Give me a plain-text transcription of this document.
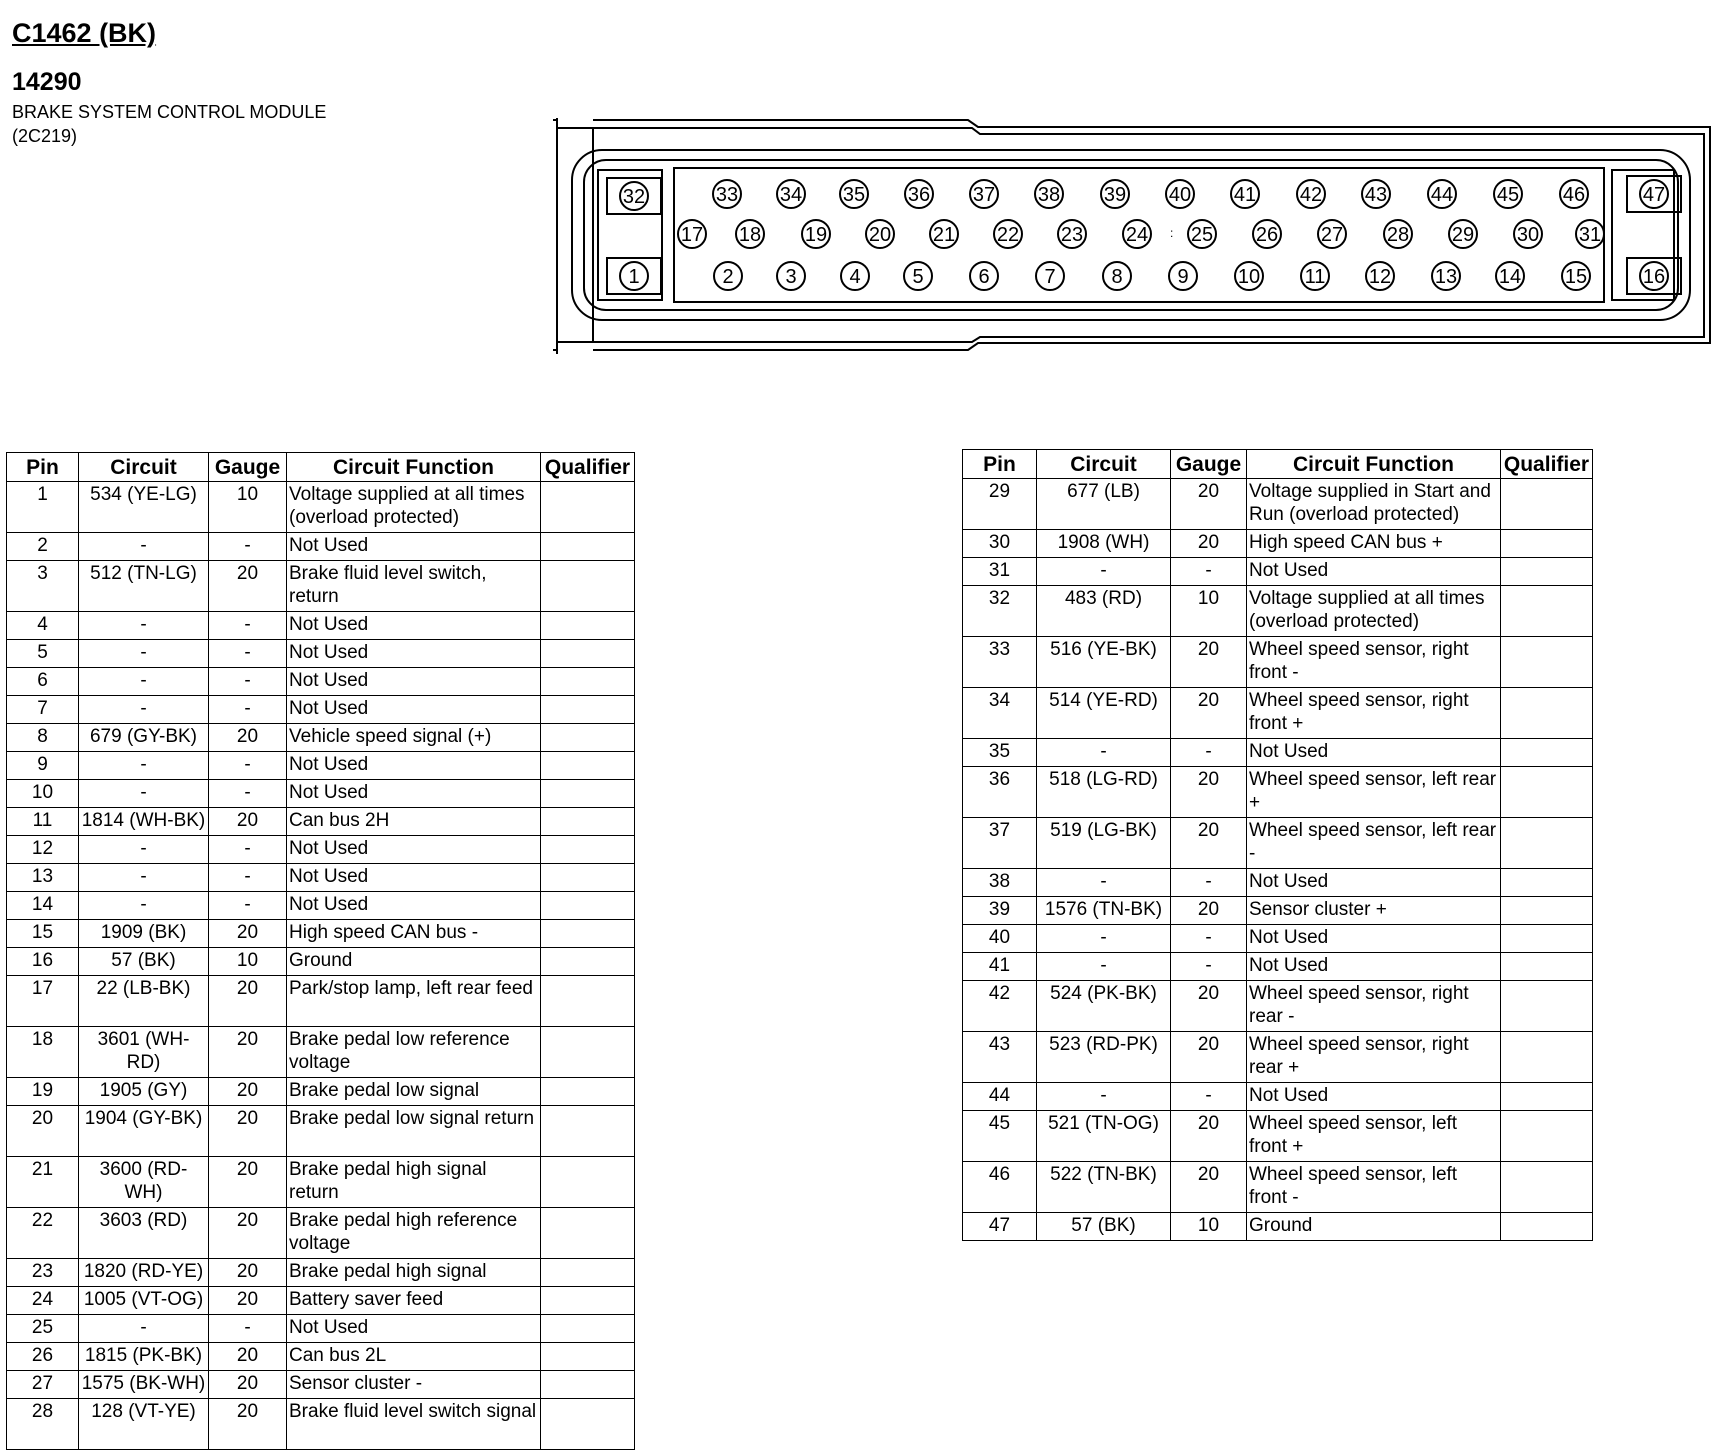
C1462 (BK)
14290
BRAKE SYSTEM CONTROL MODULE
(2C219)
2	3	4	5	6	7	8	9 10 11 12 13 14 15
17 18 19 20 21 22 23 24 25 26 27 28 29 30 31
33 34 35 36 37 38 39 40 41 42 43 44 45 46
1
32
16
47
:
Pin	Circuit	Gauge	Circuit Function	Qualifier
1	534 (YE-LG)	10	Voltage supplied at all times (overload protected)	
2	-	-	Not Used	
3	512 (TN-LG)	20	Brake fluid level switch, return	
4	-	-	Not Used	
5	-	-	Not Used	
6	-	-	Not Used	
7	-	-	Not Used	
8	679 (GY-BK)	20	Vehicle speed signal (+)	
9	-	-	Not Used	
10	-	-	Not Used	
11	1814 (WH-BK)	20	Can bus 2H	
12	-	-	Not Used	
13	-	-	Not Used	
14	-	-	Not Used	
15	1909 (BK)	20	High speed CAN bus -	
16	57 (BK)	10	Ground	
17	22 (LB-BK)	20	Park/stop lamp, left rear feed	
18	3601 (WH-RD)	20	Brake pedal low reference voltage	
19	1905 (GY)	20	Brake pedal low signal	
20	1904 (GY-BK)	20	Brake pedal low signal return	
21	3600 (RD-WH)	20	Brake pedal high signal return	
22	3603 (RD)	20	Brake pedal high reference voltage	
23	1820 (RD-YE)	20	Brake pedal high signal	
24	1005 (VT-OG)	20	Battery saver feed	
25	-	-	Not Used	
26	1815 (PK-BK)	20	Can bus 2L	
27	1575 (BK-WH)	20	Sensor cluster -	
28	128 (VT-YE)	20	Brake fluid level switch signal	
Pin	Circuit	Gauge	Circuit Function	Qualifier
29	677 (LB)	20	Voltage supplied in Start and Run (overload protected)	
30	1908 (WH)	20	High speed CAN bus +	
31	-	-	Not Used	
32	483 (RD)	10	Voltage supplied at all times (overload protected)	
33	516 (YE-BK)	20	Wheel speed sensor, right front -	
34	514 (YE-RD)	20	Wheel speed sensor, right front +	
35	-	-	Not Used	
36	518 (LG-RD)	20	Wheel speed sensor, left rear +	
37	519 (LG-BK)	20	Wheel speed sensor, left rear -	
38	-	-	Not Used	
39	1576 (TN-BK)	20	Sensor cluster +	
40	-	-	Not Used	
41	-	-	Not Used	
42	524 (PK-BK)	20	Wheel speed sensor, right rear -	
43	523 (RD-PK)	20	Wheel speed sensor, right rear +	
44	-	-	Not Used	
45	521 (TN-OG)	20	Wheel speed sensor, left front +	
46	522 (TN-BK)	20	Wheel speed sensor, left front -	
47	57 (BK)	10	Ground	
